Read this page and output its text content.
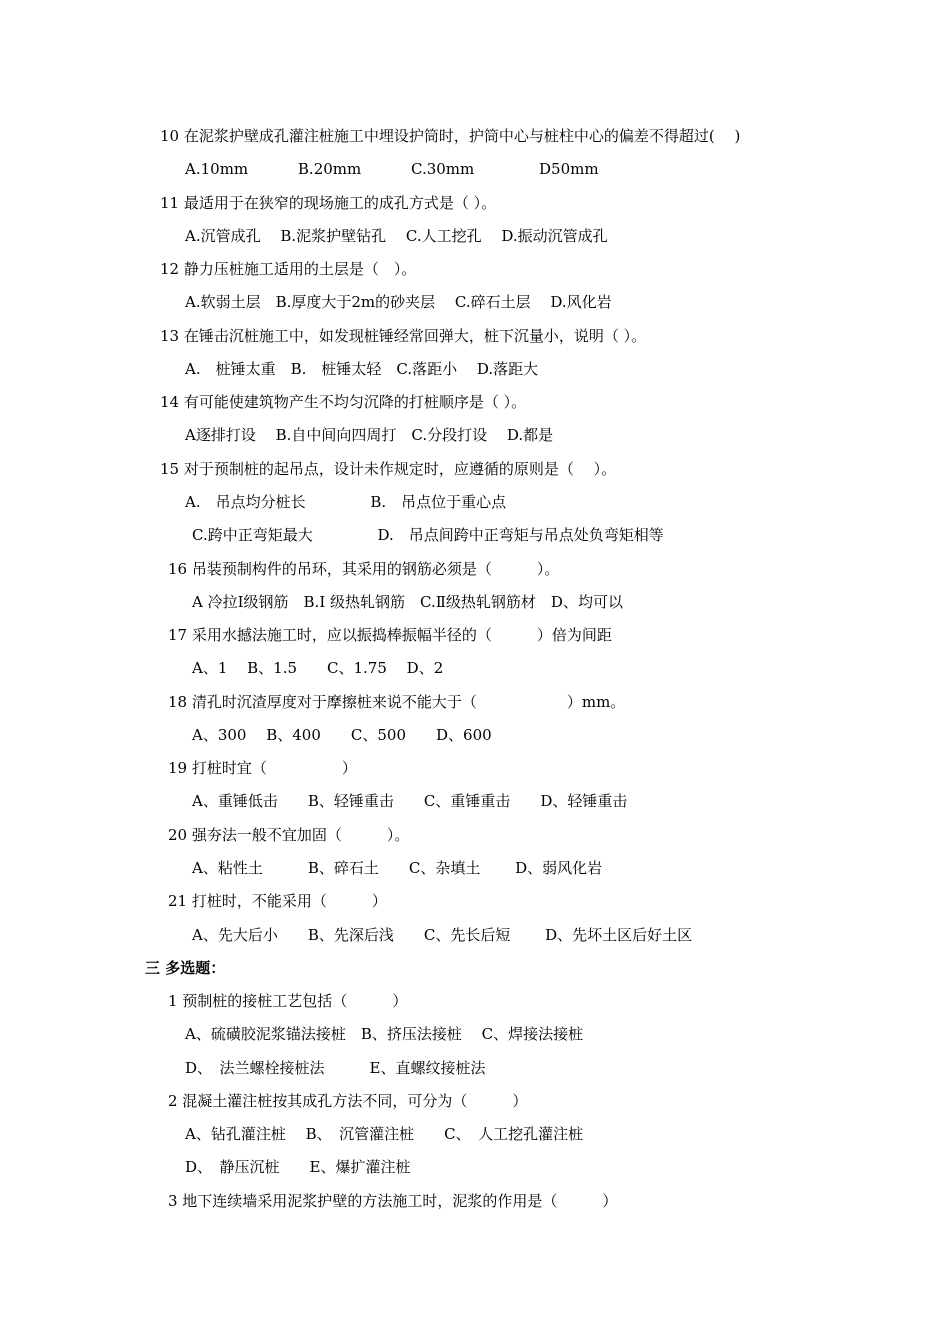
10 在泥浆护壁成孔灌注桩施工中埋设护筒时，护筒中心与桩柱中心的偏差不得超过(　 )
A.10mm　　　 B.20mm　　　 C.30mm　　　　 D50mm
11 最适用于在狭窄的现场施工的成孔方式是（ ）。
A.沉管成孔　 B.泥浆护壁钻孔　 C.人工挖孔　 D.振动沉管成孔
12 静力压桩施工适用的土层是（　）。
A.软弱土层　B.厚度大于2m的砂夹层　 C.碎石土层　 D.风化岩
13 在锤击沉桩施工中，如发现桩锤经常回弹大，桩下沉量小，说明（ ）。
A.　桩锤太重　B.　桩锤太轻　C.落距小　 D.落距大
14 有可能使建筑物产生不均匀沉降的打桩顺序是（ ）。
A逐排打设　 B.自中间向四周打　C.分段打设　 D.都是
15 对于预制桩的起吊点，设计未作规定时，应遵循的原则是（　 ）。
A.　吊点均分桩长　　　　 B.　吊点位于重心点
C.跨中正弯矩最大　　　　 D.　吊点间跨中正弯矩与吊点处负弯矩相等
16 吊装预制构件的吊环，其采用的钢筋必须是（　　　）。
A 冷拉Ⅰ级钢筋　B.Ⅰ 级热轧钢筋　C.Ⅱ级热轧钢筋材　D、均可以
17 采用水撼法施工时，应以振捣棒振幅半径的（　　　）倍为间距
A、1　 B、1.5　　C、1.75　 D、2
18 清孔时沉渣厚度对于摩擦桩来说不能大于（　　　　　　）mm。
A、300　 B、400　　C、500　　D、600
19 打桩时宜（　　　　　）
A、重锤低击　　B、轻锤重击　　C、重锤重击　　D、轻锤重击
20 强夯法一般不宜加固（　　　）。
A、粘性土　　　B、碎石土　　C、杂填土　　 D、弱风化岩
21 打桩时，不能采用（　　　）
A、先大后小　　B、先深后浅　　C、先长后短　　 D、先坏土区后好土区
三 多选题：
1 预制桩的接桩工艺包括（　　　）
A、硫磺胶泥浆锚法接桩　B、挤压法接桩　 C、焊接法接桩
D、　法兰螺栓接桩法　　　E、直螺纹接桩法
2 混凝土灌注桩按其成孔方法不同，可分为（　　　）
A、钻孔灌注桩　 B、　沉管灌注桩　　C、　人工挖孔灌注桩
D、　静压沉桩　　E、爆扩灌注桩
3 地下连续墙采用泥浆护壁的方法施工时，泥浆的作用是（　　　）
